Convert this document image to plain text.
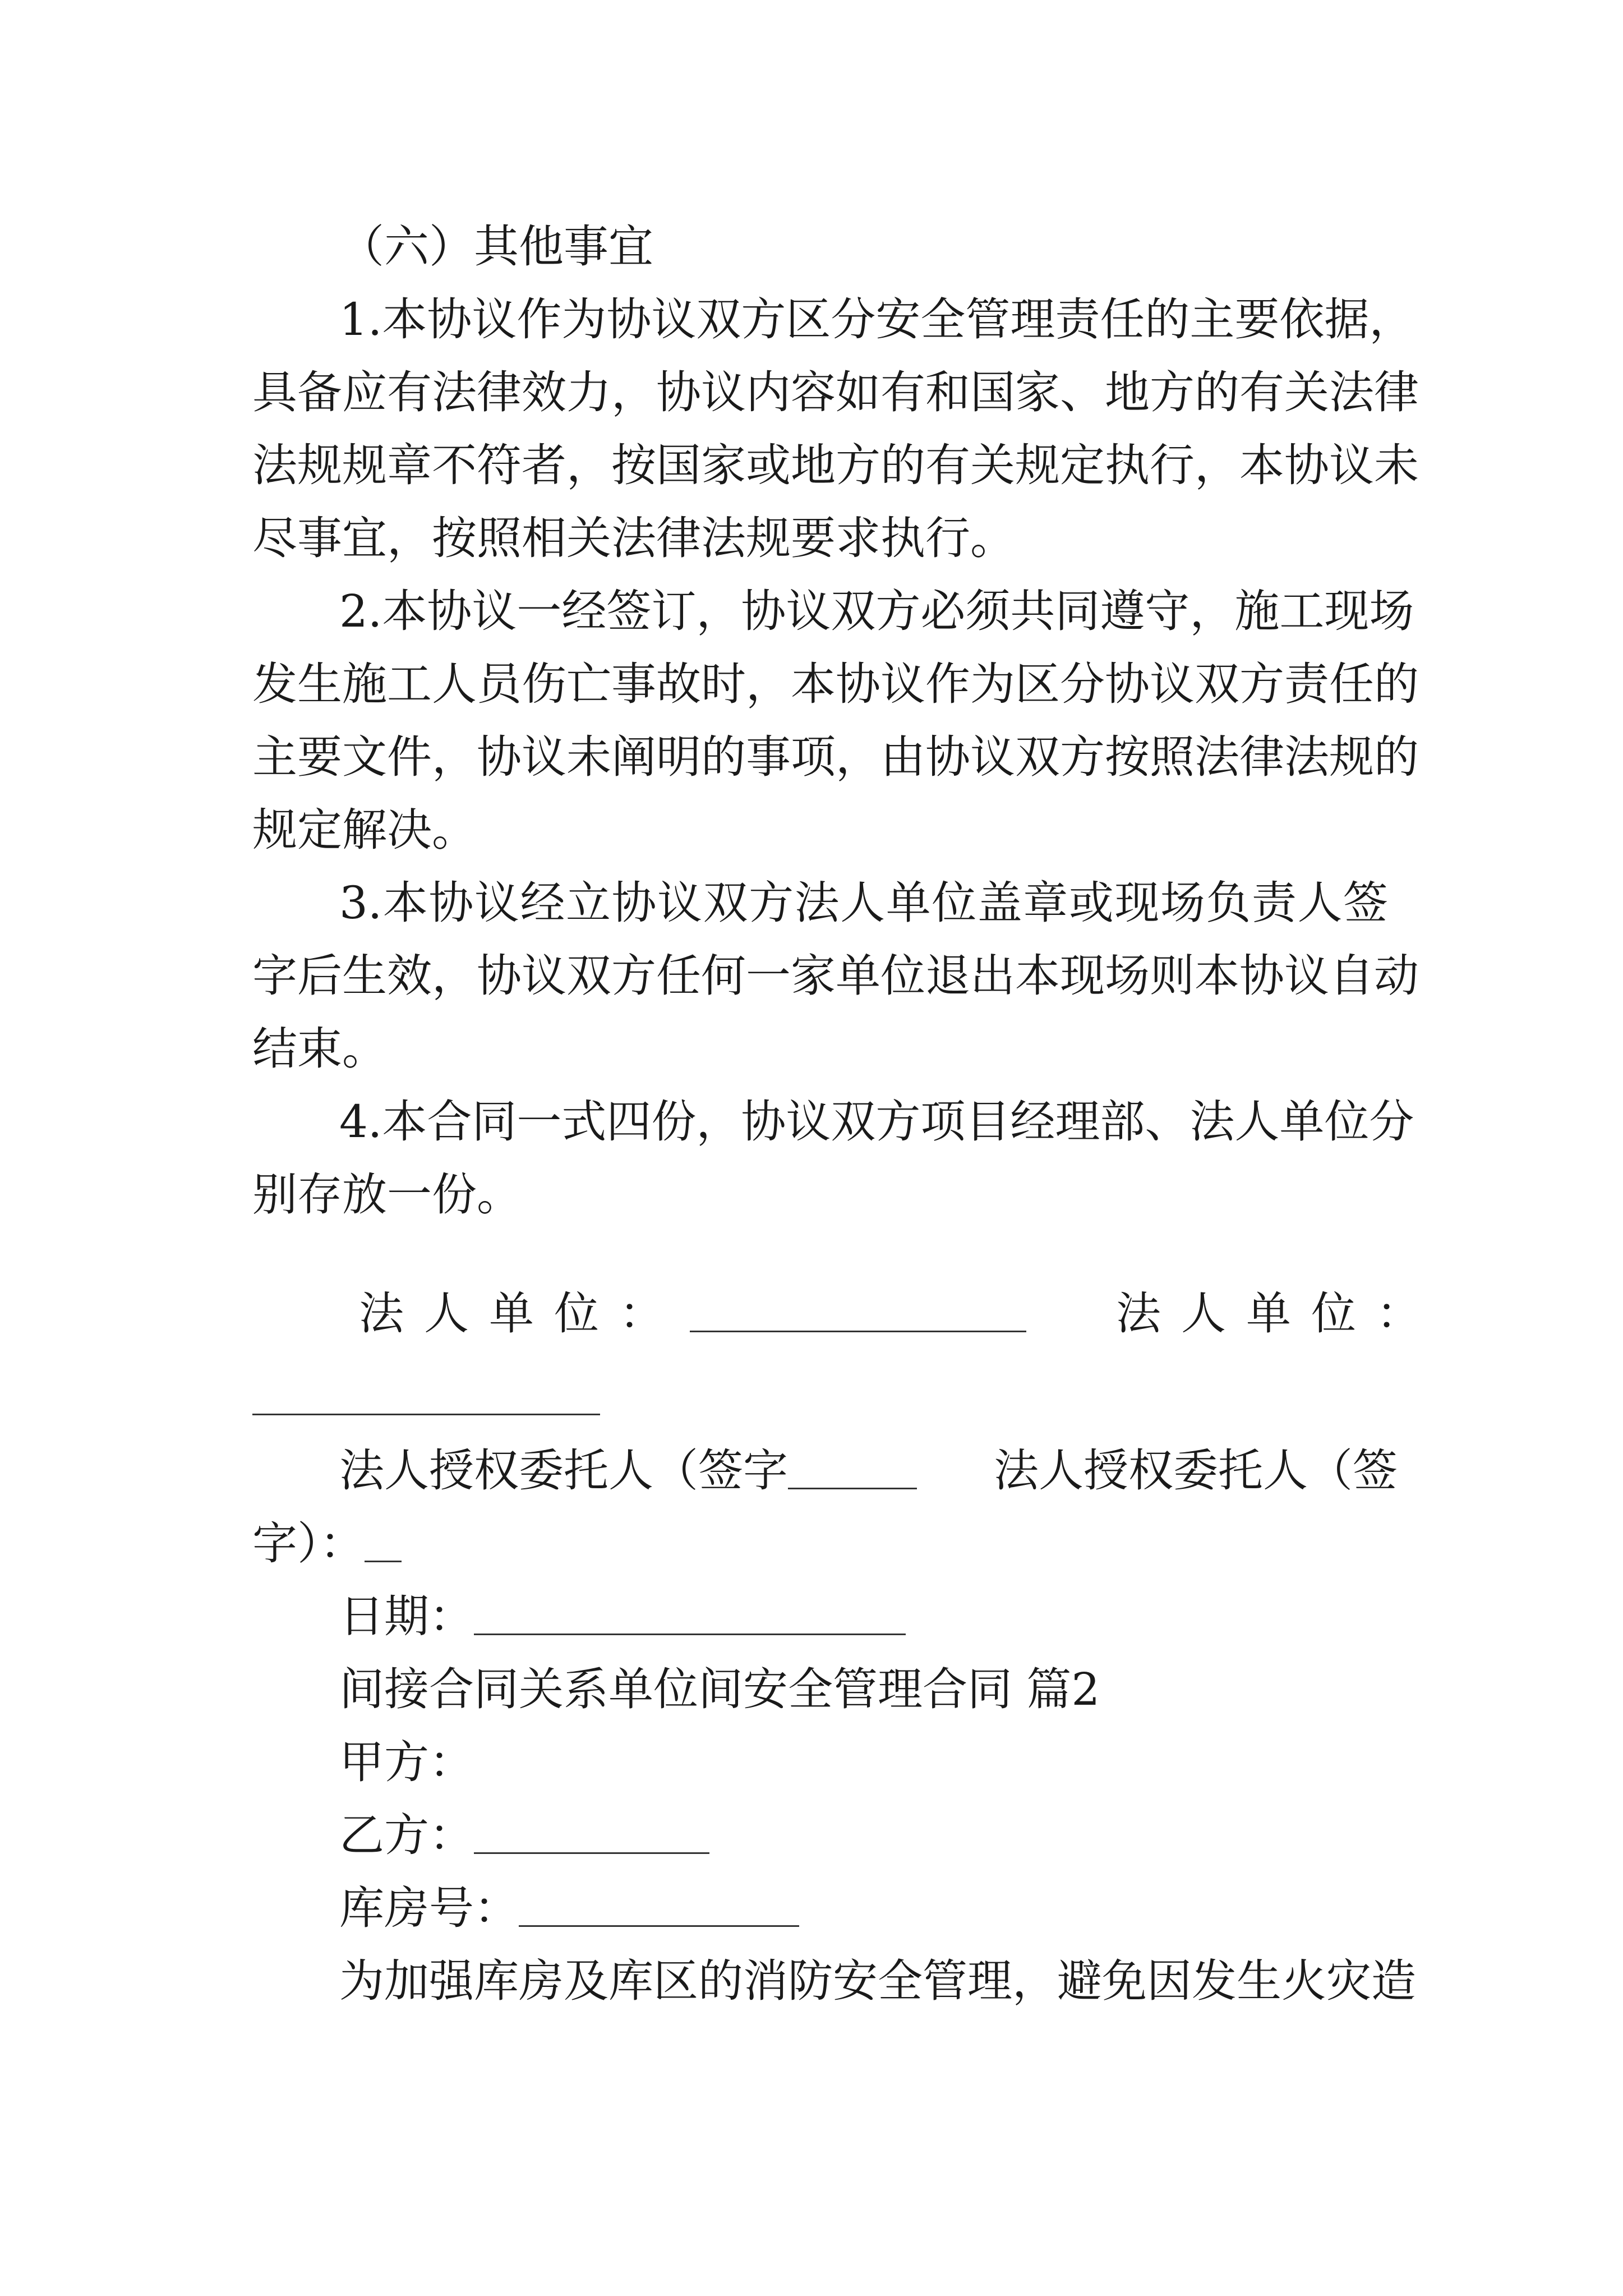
（六）其他事宜
1.本协议作为协议双方区分安全管理责任的主要依据，
具备应有法律效力，协议内容如有和国家、地方的有关法律
法规规章不符者，按国家或地方的有关规定执行，本协议未
尽事宜，按照相关法律法规要求执行。
2.本协议一经签订，协议双方必须共同遵守，施工现场
发生施工人员伤亡事故时，本协议作为区分协议双方责任的
主要文件，协议未阐明的事项，由协议双方按照法律法规的
规定解决。
3.本协议经立协议双方法人单位盖章或现场负责人签
字后生效，协议双方任何一家单位退出本现场则本协议自动
结束。
4.本合同一式四份，协议双方项目经理部、法人单位分
别存放一份。
法人单位：	法人单位：
法人授权委托人（签字	法人授权委托人（签
字）：
日期：
间接合同关系单位间安全管理合同 篇2
甲方：
乙方：
库房号：
为加强库房及库区的消防安全管理，避免因发生火灾造
